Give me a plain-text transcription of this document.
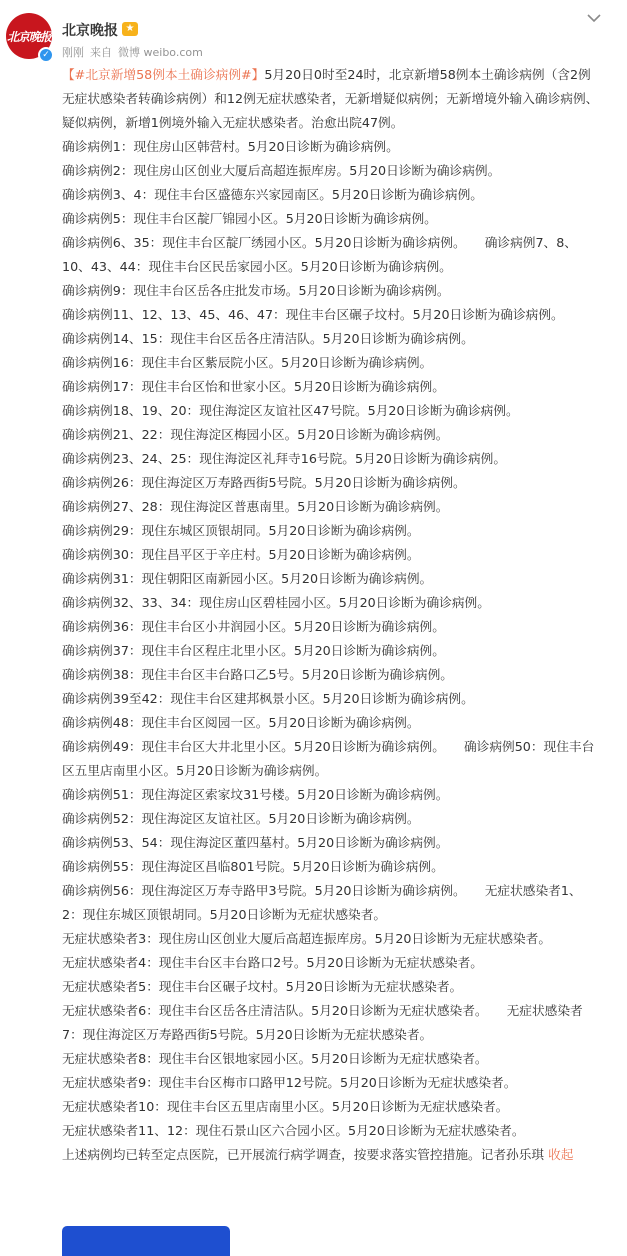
北京晚报
✓
北京晚报 ★
刚刚 来自 微博 weibo.com

【#北京新增58例本土确诊病例#】5月20日0时至24时，北京新增58例本土确诊病例（含2例无症状感染者转确诊病例）和12例无症状感染者，无新增疑似病例；无新增境外输入确诊病例、疑似病例，新增1例境外输入无症状感染者。治愈出院47例。

确诊病例1：现住房山区韩营村。5月20日诊断为确诊病例。

确诊病例2：现住房山区创业大厦后高超连振库房。5月20日诊断为确诊病例。

确诊病例3、4：现住丰台区盛德东兴家园南区。5月20日诊断为确诊病例。

确诊病例5：现住丰台区靛厂锦园小区。5月20日诊断为确诊病例。

确诊病例6、35：现住丰台区靛厂绣园小区。5月20日诊断为确诊病例。　　确诊病例7、8、10、43、44：现住丰台区民岳家园小区。5月20日诊断为确诊病例。

确诊病例9：现住丰台区岳各庄批发市场。5月20日诊断为确诊病例。

确诊病例11、12、13、45、46、47：现住丰台区碾子坟村。5月20日诊断为确诊病例。

确诊病例14、15：现住丰台区岳各庄清洁队。5月20日诊断为确诊病例。

确诊病例16：现住丰台区紫辰院小区。5月20日诊断为确诊病例。

确诊病例17：现住丰台区怡和世家小区。5月20日诊断为确诊病例。

确诊病例18、19、20：现住海淀区友谊社区47号院。5月20日诊断为确诊病例。

确诊病例21、22：现住海淀区梅园小区。5月20日诊断为确诊病例。

确诊病例23、24、25：现住海淀区礼拜寺16号院。5月20日诊断为确诊病例。

确诊病例26：现住海淀区万寿路西街5号院。5月20日诊断为确诊病例。

确诊病例27、28：现住海淀区普惠南里。5月20日诊断为确诊病例。

确诊病例29：现住东城区顶银胡同。5月20日诊断为确诊病例。

确诊病例30：现住昌平区于辛庄村。5月20日诊断为确诊病例。

确诊病例31：现住朝阳区南新园小区。5月20日诊断为确诊病例。

确诊病例32、33、34：现住房山区碧桂园小区。5月20日诊断为确诊病例。

确诊病例36：现住丰台区小井润园小区。5月20日诊断为确诊病例。

确诊病例37：现住丰台区程庄北里小区。5月20日诊断为确诊病例。

确诊病例38：现住丰台区丰台路口乙5号。5月20日诊断为确诊病例。

确诊病例39至42：现住丰台区建邦枫景小区。5月20日诊断为确诊病例。

确诊病例48：现住丰台区阅园一区。5月20日诊断为确诊病例。

确诊病例49：现住丰台区大井北里小区。5月20日诊断为确诊病例。　　确诊病例50：现住丰台区五里店南里小区。5月20日诊断为确诊病例。

确诊病例51：现住海淀区索家坟31号楼。5月20日诊断为确诊病例。

确诊病例52：现住海淀区友谊社区。5月20日诊断为确诊病例。

确诊病例53、54：现住海淀区董四墓村。5月20日诊断为确诊病例。

确诊病例55：现住海淀区昌临801号院。5月20日诊断为确诊病例。

确诊病例56：现住海淀区万寿寺路甲3号院。5月20日诊断为确诊病例。　　无症状感染者1、2：现住东城区顶银胡同。5月20日诊断为无症状感染者。

无症状感染者3：现住房山区创业大厦后高超连振库房。5月20日诊断为无症状感染者。

无症状感染者4：现住丰台区丰台路口2号。5月20日诊断为无症状感染者。

无症状感染者5：现住丰台区碾子坟村。5月20日诊断为无症状感染者。

无症状感染者6：现住丰台区岳各庄清洁队。5月20日诊断为无症状感染者。　　无症状感染者7：现住海淀区万寿路西街5号院。5月20日诊断为无症状感染者。

无症状感染者8：现住丰台区银地家园小区。5月20日诊断为无症状感染者。

无症状感染者9：现住丰台区梅市口路甲12号院。5月20日诊断为无症状感染者。

无症状感染者10：现住丰台区五里店南里小区。5月20日诊断为无症状感染者。

无症状感染者11、12：现住石景山区六合园小区。5月20日诊断为无症状感染者。

上述病例均已转至定点医院，已开展流行病学调查，按要求落实管控措施。记者孙乐琪 收起
